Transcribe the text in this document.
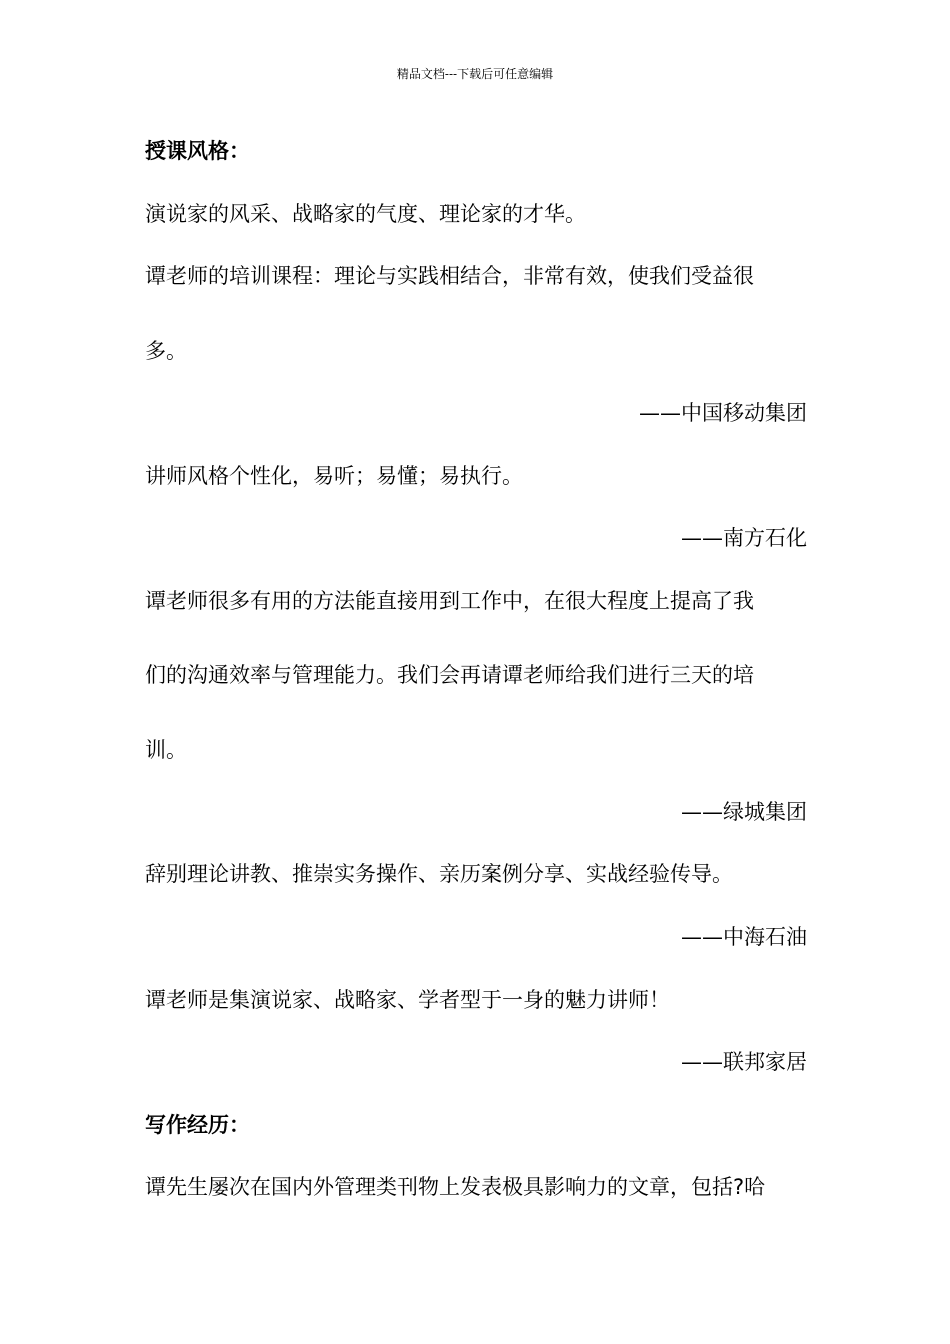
精品文档---下载后可任意编辑
授课风格：
演说家的风采、战略家的气度、理论家的才华。
谭老师的培训课程：理论与实践相结合，非常有效，使我们受益很
多。
——中国移动集团
讲师风格个性化，易听；易懂；易执行。
——南方石化
谭老师很多有用的方法能直接用到工作中，在很大程度上提高了我
们的沟通效率与管理能力。我们会再请谭老师给我们进行三天的培
训。
——绿城集团
辞别理论讲教、推崇实务操作、亲历案例分享、实战经验传导。
——中海石油
谭老师是集演说家、战略家、学者型于一身的魅力讲师！
——联邦家居
写作经历：
谭先生屡次在国内外管理类刊物上发表极具影响力的文章，包括?哈
